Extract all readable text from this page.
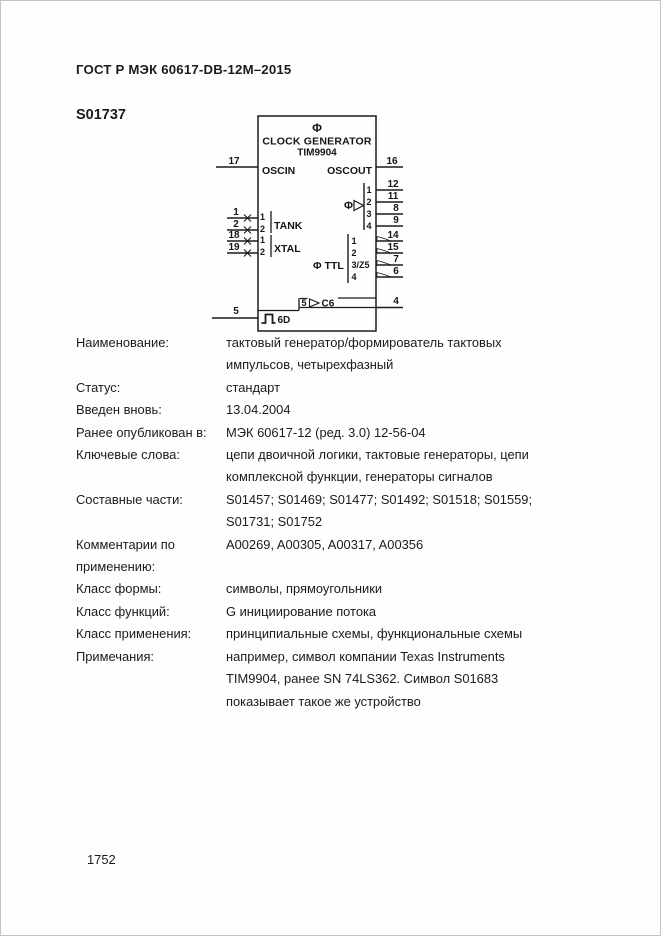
ГОСТ Р МЭК 60617-DB-12M–2015
S01737
Φ
CLOCK GENERATOR
TIM9904
17
OSCIN
16
OSCOUT
1
2
1
2 TANK
18
19
1
2 XTAL
Φ
1
2
3
4
12
11
8
9
Φ TTL
1
2
3/Z5
4
14
15
7
6
5 C6	4
5
6D
Наименование:	тактовый генератор/формирователь тактовых
импульсов, четырехфазный
Статус:	стандарт
Введен вновь:	13.04.2004
Ранее опубликован в:	МЭК 60617-12 (ред. 3.0) 12-56-04
Ключевые слова:	цепи двоичной логики, тактовые генераторы, цепи
комплексной функции, генераторы сигналов
Составные части:	S01457; S01469; S01477; S01492; S01518; S01559;
S01731; S01752
Комментарии по
применению:
A00269, A00305, A00317, A00356
Класс формы:	символы, прямоугольники
Класс функций:	G инициирование потока
Класс применения:	принципиальные схемы, функциональные схемы
Примечания:	например, символ компании Texas Instruments
TIM9904, ранее SN 74LS362. Символ S01683
показывает такое же устройство
1752
